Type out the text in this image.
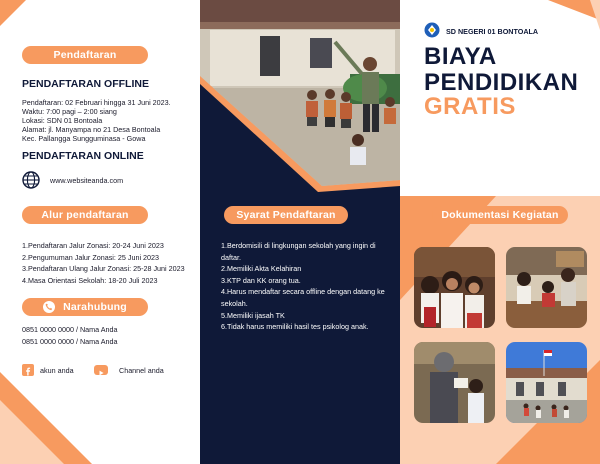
Pendaftaran
PENDAFTARAN OFFLINE
Pendaftaran: 02 Februari hingga 31 Juni 2023.
Waktu: 7:00 pagi – 2:00 siang
Lokasi: SDN 01 Bontoala
Alamat: jl. Manyampa no 21 Desa Bontoala
Kec. Pallangga Sungguminasa - Gowa
PENDAFTARAN ONLINE
www.websiteanda.com
Alur pendaftaran
1.Pendaftaran Jalur Zonasi: 20-24 Juni 2023
2.Pengumuman Jalur Zonasi: 25 Juni 2023
3.Pendaftaran Ulang Jalur Zonasi: 25-28 Juni 2023
4.Masa Orientasi Sekolah: 18-20 Juli 2023
Narahubung
0851 0000 0000 / Nama Anda
0851 0000 0000 / Nama Anda
akun anda	Channel anda
Syarat Pendaftaran
1.Berdomisili di lingkungan sekolah yang ingin di daftar.
2.Memiliki Akta Kelahiran
3.KTP dan KK orang tua.
4.Harus mendaftar secara offline dengan datang ke sekolah.
5.Memiliki ijasah TK
6.Tidak harus memiliki hasil tes psikolog anak.
SD NEGERI 01 BONTOALA
BIAYA
PENDIDIKAN
GRATIS
Dokumentasi Kegiatan
